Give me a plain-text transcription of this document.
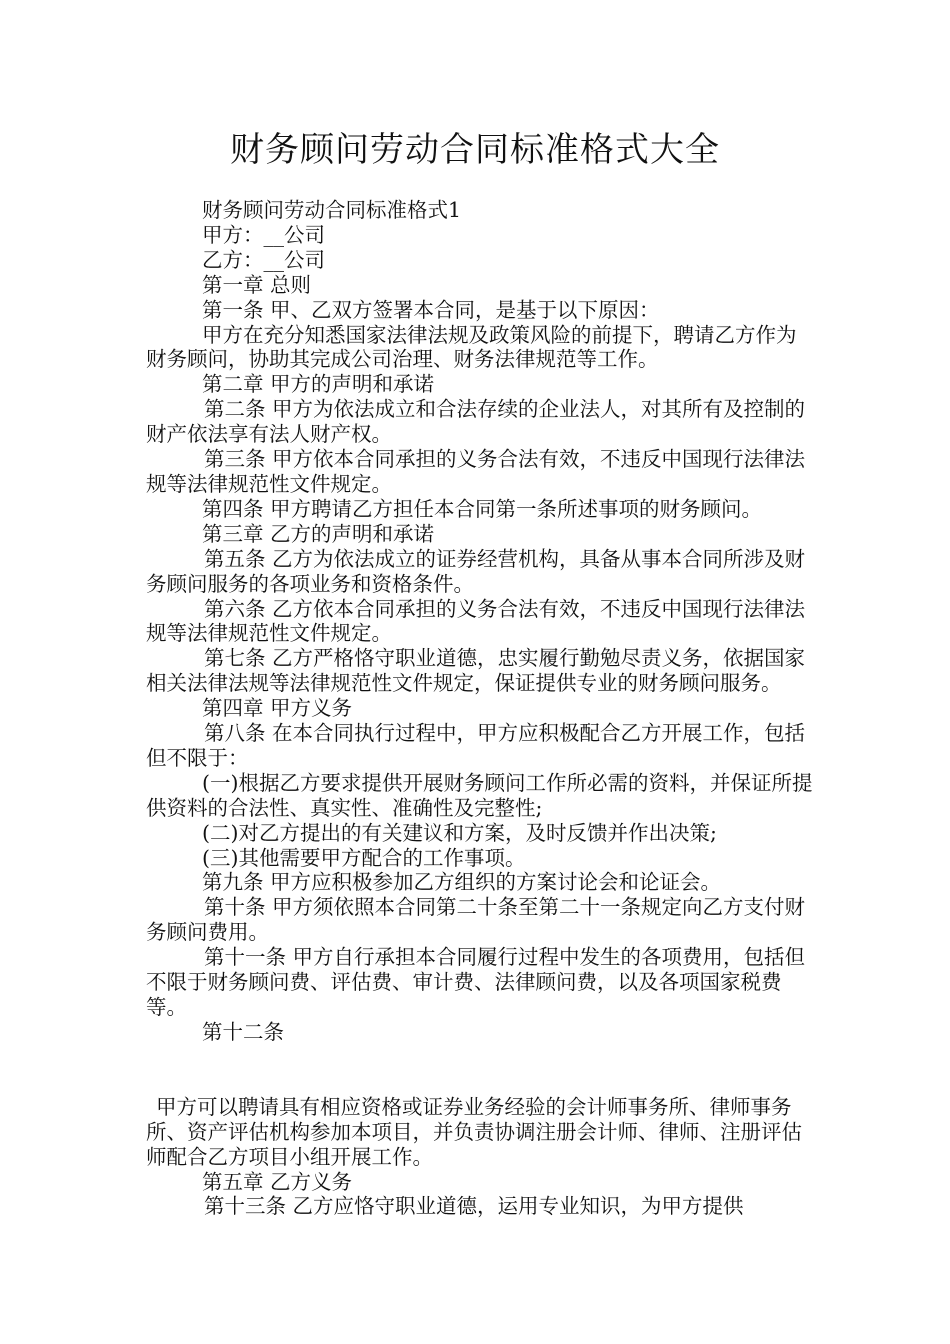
财务顾问劳动合同标准格式大全

财务顾问劳动合同标准格式1

甲方：__公司

乙方：__公司

第一章 总则

第一条 甲、乙双方签署本合同，是基于以下原因：

甲方在充分知悉国家法律法规及政策风险的前提下，聘请乙方作为财务顾问，协助其完成公司治理、财务法律规范等工作。

第二章 甲方的声明和承诺

第二条 甲方为依法成立和合法存续的企业法人，对其所有及控制的财产依法享有法人财产权。

第三条 甲方依本合同承担的义务合法有效，不违反中国现行法律法规等法律规范性文件规定。

第四条 甲方聘请乙方担任本合同第一条所述事项的财务顾问。

第三章 乙方的声明和承诺

第五条 乙方为依法成立的证券经营机构，具备从事本合同所涉及财务顾问服务的各项业务和资格条件。

第六条 乙方依本合同承担的义务合法有效，不违反中国现行法律法规等法律规范性文件规定。

第七条 乙方严格恪守职业道德，忠实履行勤勉尽责义务，依据国家相关法律法规等法律规范性文件规定，保证提供专业的财务顾问服务。

第四章 甲方义务

第八条 在本合同执行过程中，甲方应积极配合乙方开展工作，包括但不限于：

(一)根据乙方要求提供开展财务顾问工作所必需的资料，并保证所提供资料的合法性、真实性、准确性及完整性;

(二)对乙方提出的有关建议和方案，及时反馈并作出决策;

(三)其他需要甲方配合的工作事项。

第九条 甲方应积极参加乙方组织的方案讨论会和论证会。

第十条 甲方须依照本合同第二十条至第二十一条规定向乙方支付财务顾问费用。

第十一条 甲方自行承担本合同履行过程中发生的各项费用，包括但不限于财务顾问费、评估费、审计费、法律顾问费，以及各项国家税费等。

第十二条

甲方可以聘请具有相应资格或证券业务经验的会计师事务所、律师事务所、资产评估机构参加本项目，并负责协调注册会计师、律师、注册评估师配合乙方项目小组开展工作。

第五章 乙方义务

第十三条 乙方应恪守职业道德，运用专业知识，为甲方提供
